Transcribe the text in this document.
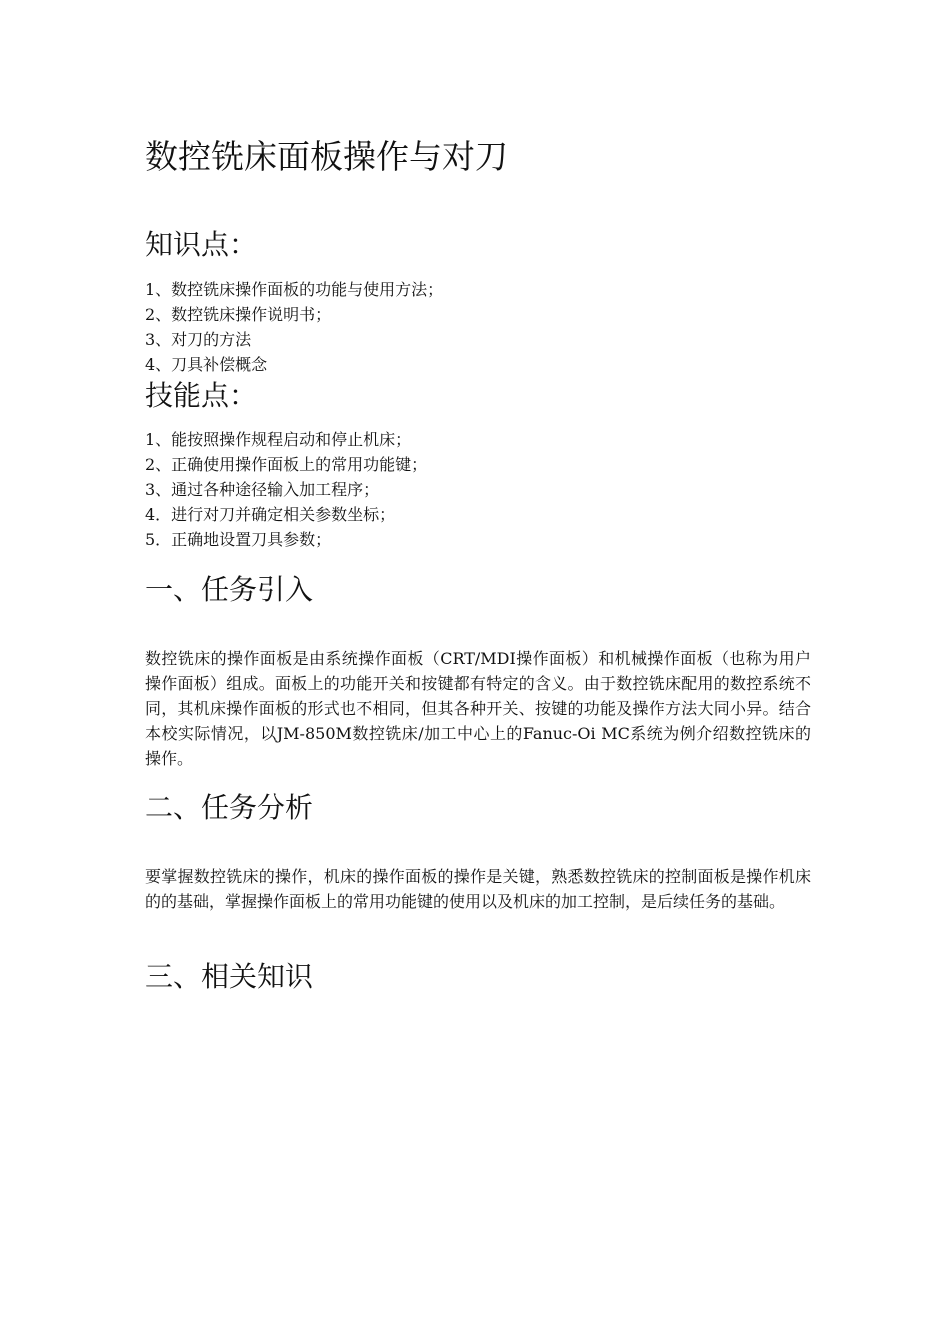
数控铣床面板操作与对刀
知识点：
1、数控铣床操作面板的功能与使用方法；
2、数控铣床操作说明书；
3、对刀的方法
4、刀具补偿概念
技能点：
1、能按照操作规程启动和停止机床；
2、正确使用操作面板上的常用功能键；
3、通过各种途径输入加工程序；
4．进行对刀并确定相关参数坐标；
5．正确地设置刀具参数；
一、任务引入

数控铣床的操作面板是由系统操作面板（CRT/MDI操作面板）和机械操作面板（也称为用户操作面板）组成。面板上的功能开关和按键都有特定的含义。由于数控铣床配用的数控系统不同，其机床操作面板的形式也不相同，但其各种开关、按键的功能及操作方法大同小异。结合本校实际情况，以JM-850M数控铣床/加工中心上的Fanuc-Oi MC系统为例介绍数控铣床的操作。

二、任务分析

要掌握数控铣床的操作，机床的操作面板的操作是关键，熟悉数控铣床的控制面板是操作机床的的基础，掌握操作面板上的常用功能键的使用以及机床的加工控制，是后续任务的基础。

三、相关知识
